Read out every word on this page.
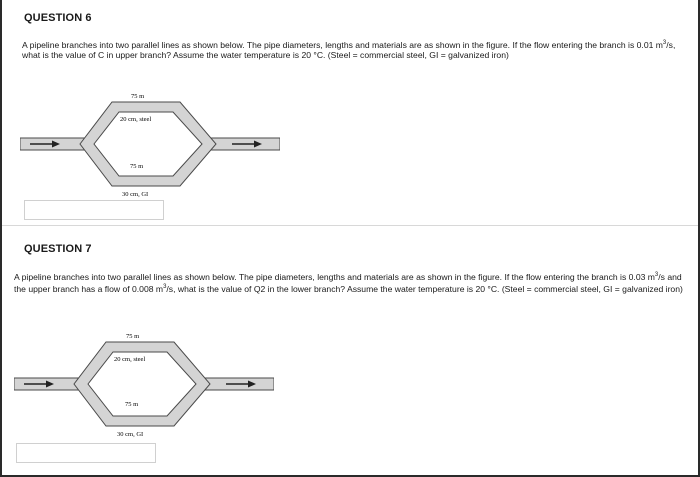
QUESTION 6
A pipeline branches into two parallel lines as shown below. The pipe diameters, lengths and materials are as shown in the figure. If the flow entering the branch is 0.01 $m^3/s$, what is the value of C in upper branch? Assume the water temperature is 20 °C. (Steel = commercial steel, GI = galvanized iron)
75 m
20 cm, steel
75 m
30 cm, GI
QUESTION 7
A pipeline branches into two parallel lines as shown below. The pipe diameters, lengths and materials are as shown in the figure. If the flow entering the branch is 0.03 $m^3/s$ and the upper branch has a flow of 0.008 $m^3/s$, what is the value of Q2 in the lower branch? Assume the water temperature is 20 °C. (Steel = commercial steel, GI = galvanized iron)
75 m
20 cm, steel
75 m
30 cm, GI
